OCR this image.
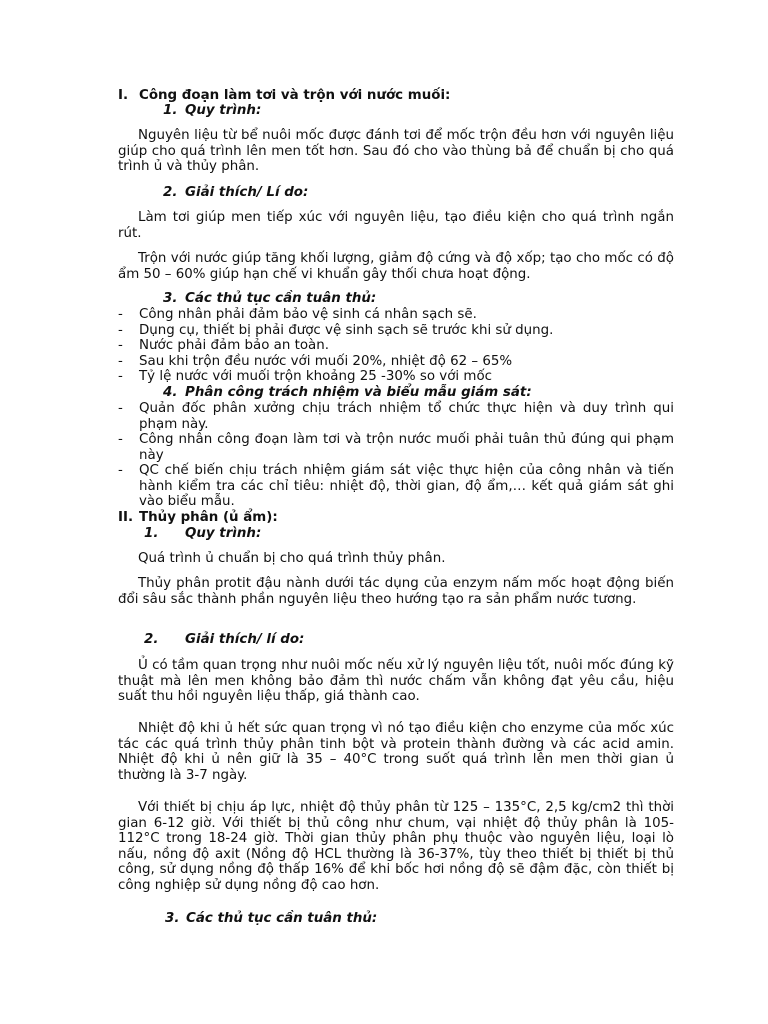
I. Công đoạn làm tơi và trộn với nước muối:
1. Quy trình:
Nguyên liệu từ bể nuôi mốc được đánh tơi để mốc trộn đều hơn với nguyên liệu giúp cho quá trình lên men tốt hơn. Sau đó cho vào thùng bả để chuẩn bị cho quá trình ủ và thủy phân.
2. Giải thích/ Lí do:
Làm tơi giúp men tiếp xúc với nguyên liệu, tạo điều kiện cho quá trình ngắn rút.
Trộn với nước giúp tăng khối lượng, giảm độ cứng và độ xốp; tạo cho mốc có độ ẩm 50 – 60% giúp hạn chế vi khuẩn gây thối chưa hoạt động.
3. Các thủ tục cần tuân thủ:
- Công nhân phải đảm bảo vệ sinh cá nhân sạch sẽ.
- Dụng cụ, thiết bị phải được vệ sinh sạch sẽ trước khi sử dụng.
- Nước phải đảm bảo an toàn.
- Sau khi trộn đều nước với muối 20%, nhiệt độ 62 – 65%
- Tỷ lệ nước với muối trộn khoảng 25 -30% so với mốc
4. Phân công trách nhiệm và biểu mẫu giám sát:
- Quản đốc phân xưởng chịu trách nhiệm tổ chức thực hiện và duy trình qui phạm này.
- Công nhân công đoạn làm tơi và trộn nước muối phải tuân thủ đúng qui phạm này
- QC chế biến chịu trách nhiệm giám sát việc thực hiện của công nhân và tiến hành kiểm tra các chỉ tiêu: nhiệt độ, thời gian, độ ẩm,… kết quả giám sát ghi vào biểu mẫu.
II. Thủy phân (ủ ẩm):
1. Quy trình:
Quá trình ủ chuẩn bị cho quá trình thủy phân.
Thủy phân protit đậu nành dưới tác dụng của enzym nấm mốc hoạt động biến đổi sâu sắc thành phần nguyên liệu theo hướng tạo ra sản phẩm nước tương.
2. Giải thích/ lí do:
Ủ có tầm quan trọng như nuôi mốc nếu xử lý nguyên liệu tốt, nuôi mốc đúng kỹ thuật mà lên men không bảo đảm thì nước chấm vẫn không đạt yêu cầu, hiệu suất thu hồi nguyên liệu thấp, giá thành cao.
Nhiệt độ khi ủ hết sức quan trọng vì nó tạo điều kiện cho enzyme của mốc xúc tác các quá trình thủy phân tinh bột và protein thành đường và các acid amin. Nhiệt độ khi ủ nên giữ là 35 – 40°C trong suốt quá trình lên men thời gian ủ thường là 3-7 ngày.
Với thiết bị chịu áp lực, nhiệt độ thủy phân từ 125 – 135°C, 2,5 kg/cm2 thì thời gian 6-12 giờ. Với thiết bị thủ công như chum, vại nhiệt độ thủy phân là 105-112°C trong 18-24 giờ. Thời gian thủy phân phụ thuộc vào nguyên liệu, loại lò nấu, nồng độ axit (Nồng độ HCL thường là 36-37%, tùy theo thiết bị thiết bị thủ công, sử dụng nồng độ thấp 16% để khi bốc hơi nồng độ sẽ đậm đặc, còn thiết bị công nghiệp sử dụng nồng độ cao hơn.
3. Các thủ tục cần tuân thủ:
